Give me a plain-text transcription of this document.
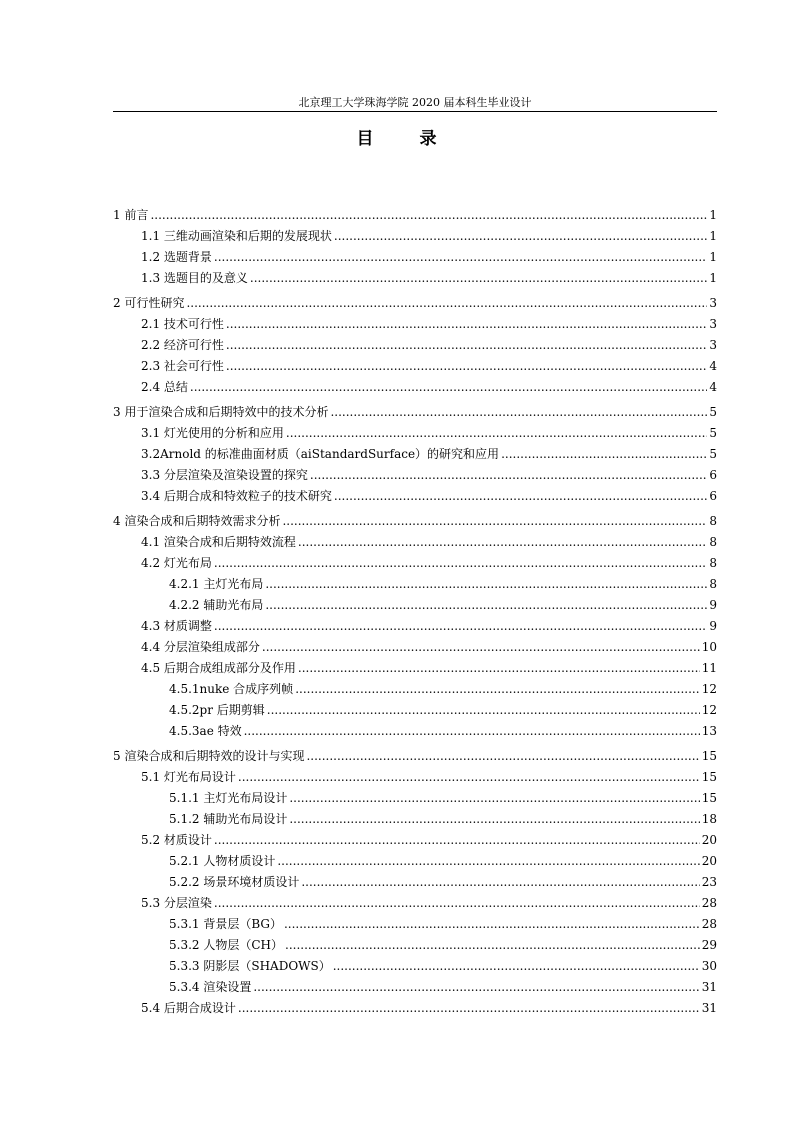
北京理工大学珠海学院 2020 届本科生毕业设计
目 录
1 前言 .....	1
1.1 三维动画渲染和后期的发展现状 .....	1
1.2 选题背景 .....	1
1.3 选题目的及意义 .....	1
2 可行性研究 .....	3
2.1 技术可行性 .....	3
2.2 经济可行性 .....	3
2.3 社会可行性 .....	4
2.4 总结 .....	4
3 用于渲染合成和后期特效中的技术分析 .....	5
3.1 灯光使用的分析和应用 .....	5
3.2Arnold 的标准曲面材质（aiStandardSurface）的研究和应用 .....	5
3.3 分层渲染及渲染设置的探究 .....	6
3.4 后期合成和特效粒子的技术研究 .....	6
4 渲染合成和后期特效需求分析 .....	8
4.1 渲染合成和后期特效流程 .....	8
4.2 灯光布局 .....	8
4.2.1 主灯光布局 .....	8
4.2.2 辅助光布局 .....	9
4.3 材质调整 .....	9
4.4 分层渲染组成部分 .....	10
4.5 后期合成组成部分及作用 .....	11
4.5.1nuke 合成序列帧 .....	12
4.5.2pr 后期剪辑 .....	12
4.5.3ae 特效 .....	13
5 渲染合成和后期特效的设计与实现 .....	15
5.1 灯光布局设计 .....	15
5.1.1 主灯光布局设计 .....	15
5.1.2 辅助光布局设计 .....	18
5.2 材质设计 .....	20
5.2.1 人物材质设计 .....	20
5.2.2 场景环境材质设计 .....	23
5.3 分层渲染 .....	28
5.3.1 背景层（BG） .....	28
5.3.2 人物层（CH） .....	29
5.3.3 阴影层（SHADOWS） .....	30
5.3.4 渲染设置 .....	31
5.4 后期合成设计 .....	31
